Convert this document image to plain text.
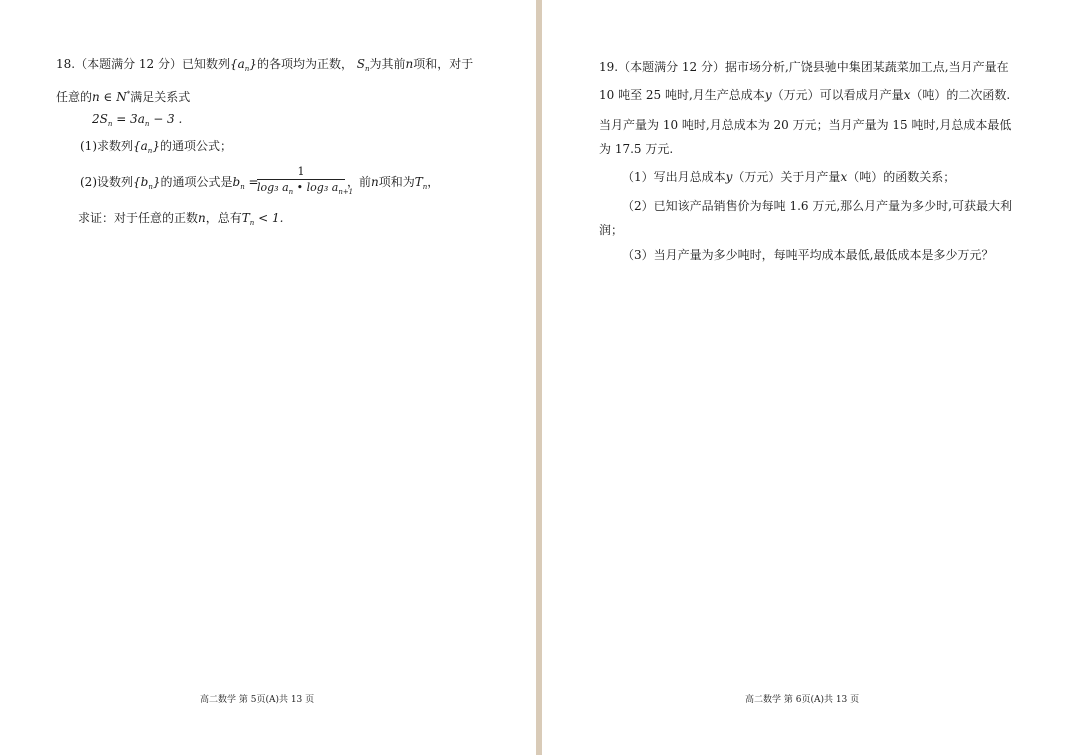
18.（本题满分 12 分）已知数列$\{a_n\}$的各项均为正数， $S_n$为其前n项和，对于
任意的n ∈ N*满足关系式
$2S_n = 3a_n - 3$ .
(1)求数列$\{a_n\}$的通项公式；
(2)设数列$\{b_n\}$的通项公式是$b_n$ =
1
log₃ $a_n$ • log₃ $a_{n+1}$
，前n项和为$T_n$，
求证：对于任意的正数n，总有$T_n < 1$.
高二数学 第 5页(A)共 13 页
19.（本题满分 12 分）据市场分析,广饶县驰中集团某蔬菜加工点,当月产量在
10 吨至 25 吨时,月生产总成本y（万元）可以看成月产量x（吨）的二次函数.
当月产量为 10 吨时,月总成本为 20 万元；当月产量为 15 吨时,月总成本最低
为 17.5 万元.
（1）写出月总成本y（万元）关于月产量x（吨）的函数关系；
（2）已知该产品销售价为每吨 1.6 万元,那么月产量为多少时,可获最大利
润；
（3）当月产量为多少吨时，每吨平均成本最低,最低成本是多少万元？
高二数学 第 6页(A)共 13 页
